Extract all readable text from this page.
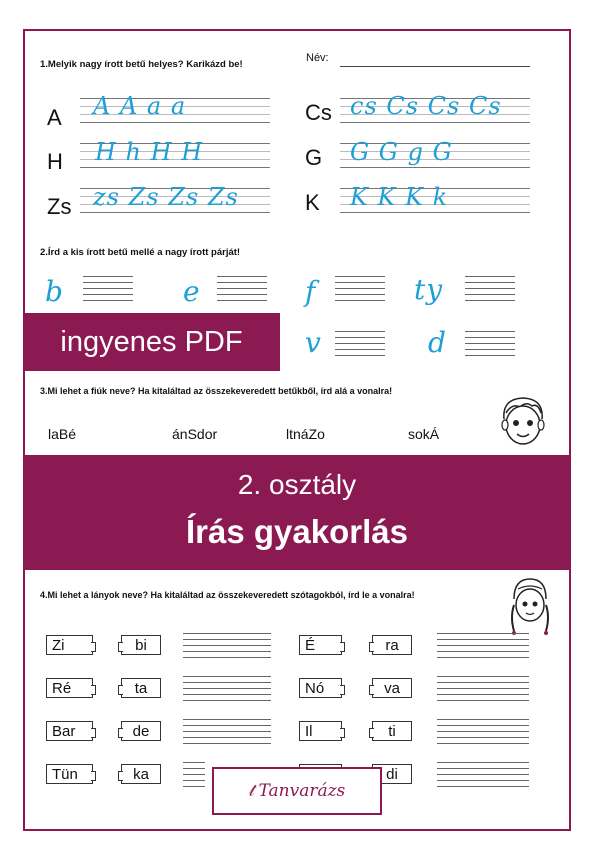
1.Melyik nagy írott betű helyes? Karikázd be!
Név:
A A A a a	Cs cs Cs Cs Cs
H H h H H	G G G g G
Zs zs Zs Zs Zs	K K K K k
2.Írd a kis írott betű mellé a nagy írott párját!
b	e	f	ty
v	d
ingyenes PDF
3.Mi lehet a fiúk neve? Ha kitaláltad az összekeveredett betűkből, írd alá a vonalra!
laBé	ánSdor	ltnáZo	sokÁ
2. osztály
Írás gyakorlás
4.Mi lehet a lányok neve? Ha kitaláltad az összekeveredett szótagokból, írd le a vonalra!
Zi	bi
Ré	ta
Bar	de
Tün	ka
É	ra
Nó	va
Il	ti
di
𝓉 Tanvarázs
